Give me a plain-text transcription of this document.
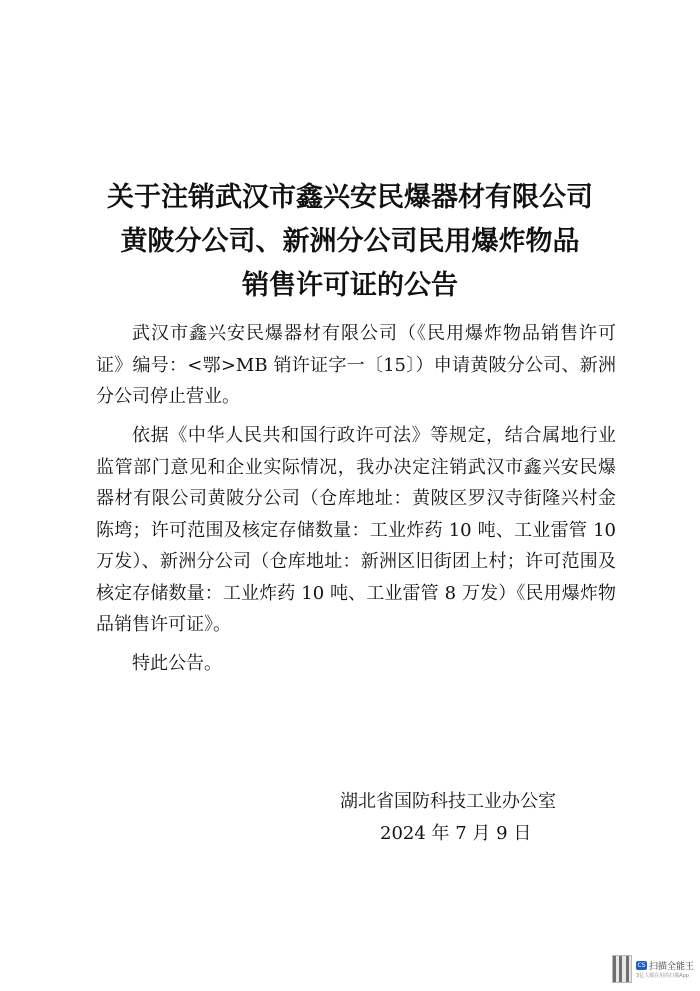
关于注销武汉市鑫兴安民爆器材有限公司
黄陂分公司、新洲分公司民用爆炸物品
销售许可证的公告

武汉市鑫兴安民爆器材有限公司（《民用爆炸物品销售许可证》编号：<鄂>MB 销许证字一〔15〕）申请黄陂分公司、新洲分公司停止营业。

依据《中华人民共和国行政许可法》等规定，结合属地行业监管部门意见和企业实际情况，我办决定注销武汉市鑫兴安民爆器材有限公司黄陂分公司（仓库地址：黄陂区罗汉寺街隆兴村金陈塆；许可范围及核定存储数量：工业炸药 10 吨、工业雷管 10 万发）、新洲分公司（仓库地址：新洲区旧街团上村；许可范围及核定存储数量：工业炸药 10 吨、工业雷管 8 万发）《民用爆炸物品销售许可证》。

特此公告。

湖北省国防科技工业办公室
2024 年 7 月 9 日
CS 扫描全能王
3亿人都在用的扫描App
